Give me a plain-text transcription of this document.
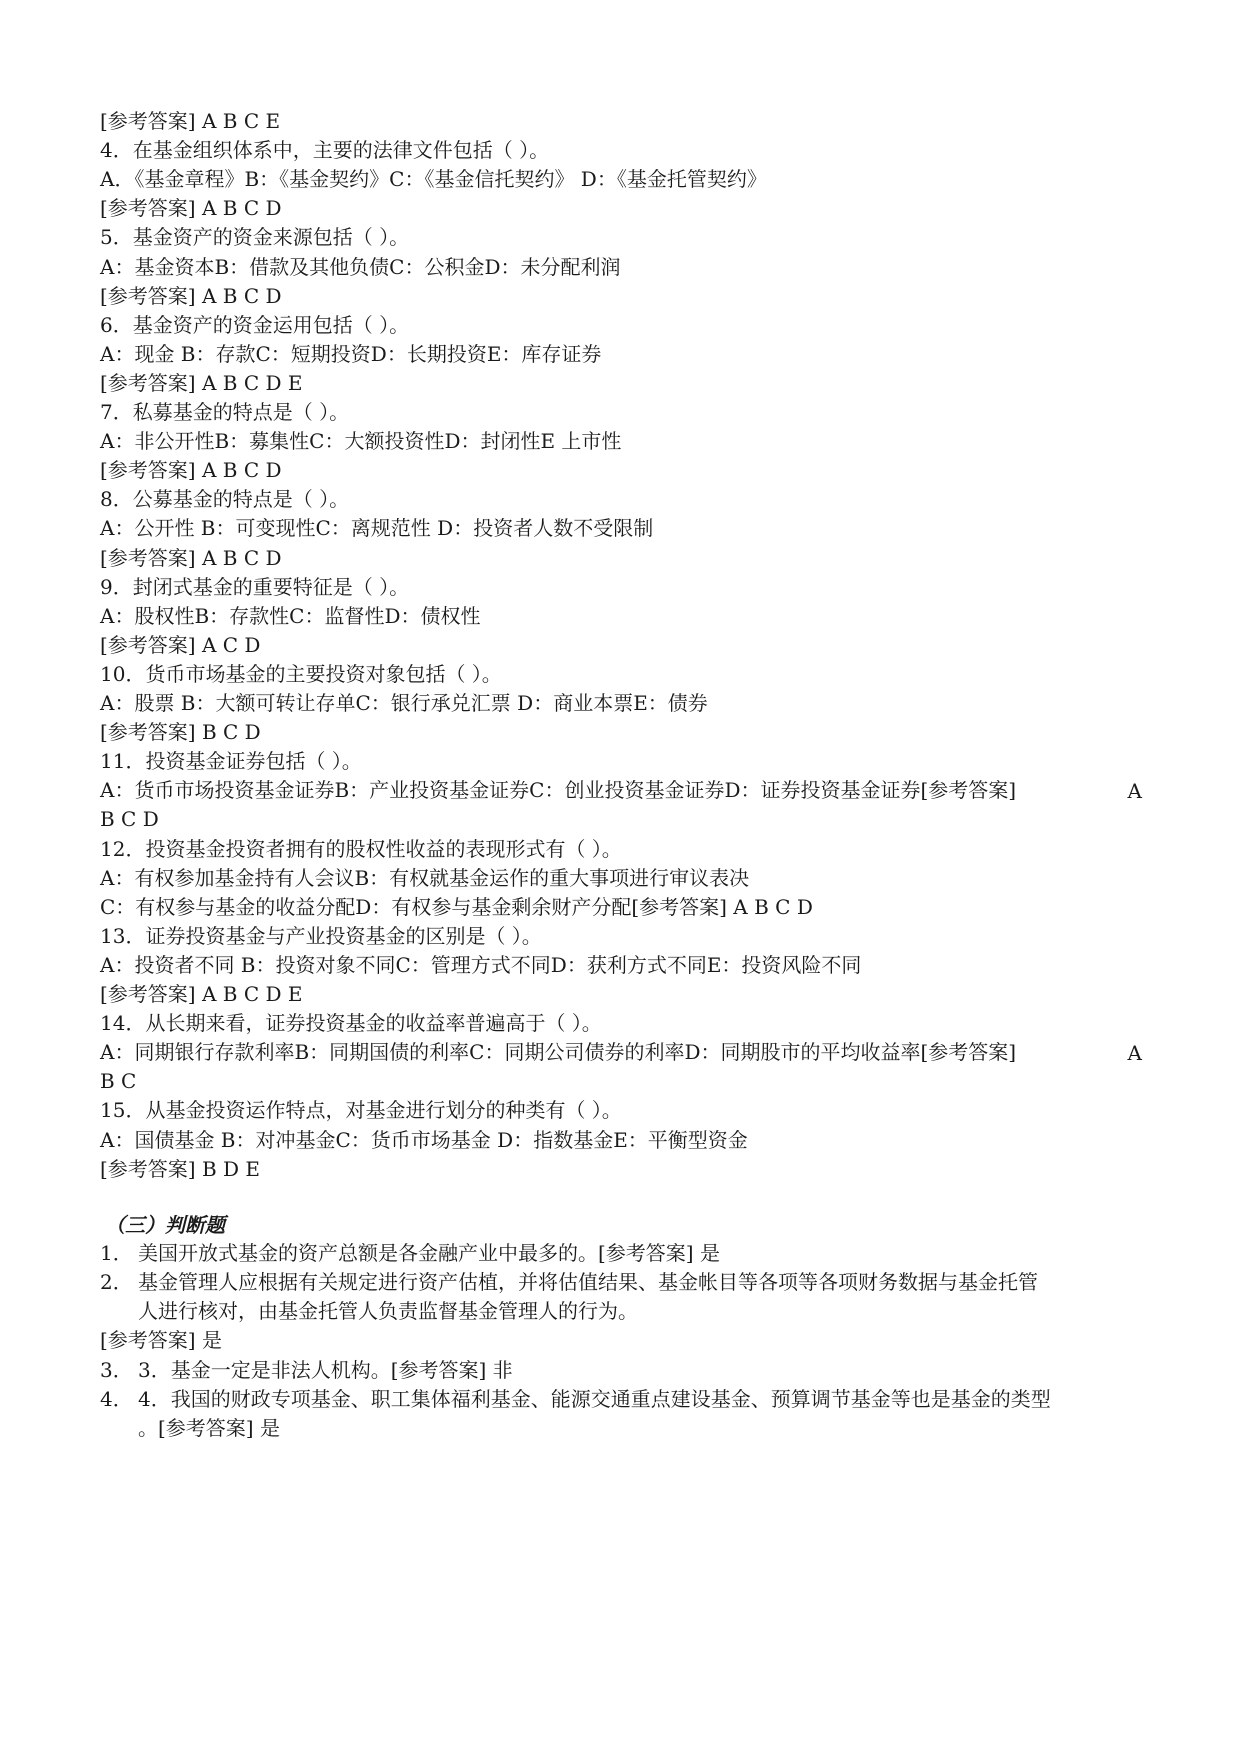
[参考答案] A B C E
4．在基金组织体系中，主要的法律文件包括（ ）。
A．《基金章程》B：《基金契约》C：《基金信托契约》 D：《基金托管契约》
[参考答案] A B C D
5．基金资产的资金来源包括（ ）。
A：基金资本B：借款及其他负债C：公积金D：未分配利润
[参考答案] A B C D
6．基金资产的资金运用包括（ ）。
A：现金 B：存款C：短期投资D：长期投资E：库存证券
[参考答案] A B C D E
7．私募基金的特点是（ ）。
A：非公开性B：募集性C：大额投资性D：封闭性E 上市性
[参考答案] A B C D
8．公募基金的特点是（ ）。
A：公开性 B：可变现性C：离规范性 D：投资者人数不受限制
[参考答案] A B C D
9．封闭式基金的重要特征是（ ）。
A：股权性B：存款性C：监督性D：债权性
[参考答案] A C D
10．货币市场基金的主要投资对象包括（ ）。
A：股票 B：大额可转让存单C：银行承兑汇票 D：商业本票E：债券
[参考答案] B C D
11．投资基金证券包括（ ）。
A：货币市场投资基金证券B：产业投资基金证券C：创业投资基金证券D：证券投资基金证券[参考答案]
B C D
12．投资基金投资者拥有的股权性收益的表现形式有（ ）。
A：有权参加基金持有人会议B：有权就基金运作的重大事项进行审议表决
C：有权参与基金的收益分配D：有权参与基金剩余财产分配[参考答案] A B C D
13．证券投资基金与产业投资基金的区别是（ ）。
A：投资者不同 B：投资对象不同C：管理方式不同D：获利方式不同E：投资风险不同
[参考答案] A B C D E
14．从长期来看，证券投资基金的收益率普遍高于（ ）。
A：同期银行存款利率B：同期国债的利率C：同期公司债券的利率D：同期股市的平均收益率[参考答案]
B C
15．从基金投资运作特点，对基金进行划分的种类有（ ）。
A：国债基金 B：对冲基金C：货币市场基金 D：指数基金E：平衡型资金
[参考答案] B D E
A
A
（三）判断题
1． 美国开放式基金的资产总额是各金融产业中最多的。[参考答案] 是
2． 基金管理人应根据有关规定进行资产估植，并将估值结果、基金帐目等各项等各项财务数据与基金托管
人进行核对，由基金托管人负责监督基金管理人的行为。
[参考答案] 是
3． 3．基金一定是非法人机构。[参考答案] 非
4． 4．我国的财政专项基金、职工集体福利基金、能源交通重点建设基金、预算调节基金等也是基金的类型
。[参考答案] 是
